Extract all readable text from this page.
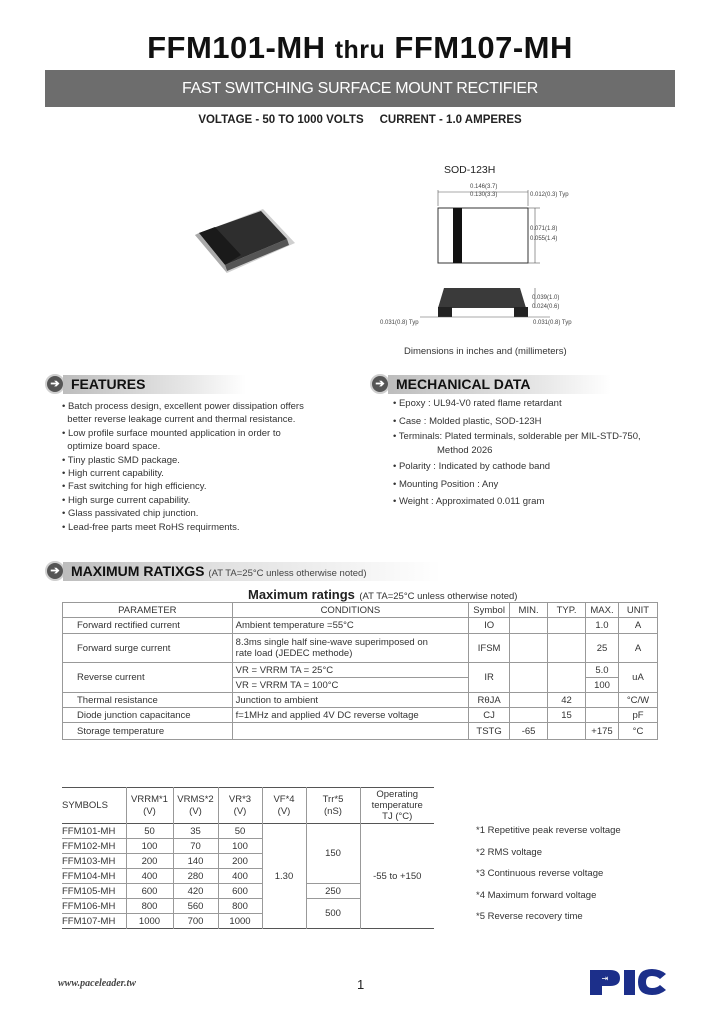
FFM101-MH thru FFM107-MH
FAST SWITCHING SURFACE MOUNT RECTIFIER
VOLTAGE - 50 TO 1000 VOLTS CURRENT - 1.0 AMPERES
SOD-123H
0.146(3.7)
0.130(3.3)	0.012(0.3) Typ
0.071(1.8)
0.055(1.4)
0.039(1.0)
0.024(0.6)
0.031(0.8) Typ	0.031(0.8) Typ
Dimensions in inches and (millimeters)
➔ FEATURES
• Batch process design, excellent power dissipation offers
better reverse leakage current and thermal resistance.
• Low profile surface mounted application in order to
optimize board space.
• Tiny plastic SMD package.
• High current capability.
• Fast switching for high efficiency.
• High surge current capability.
• Glass passivated chip junction.
• Lead-free parts meet RoHS requirments.
➔ MECHANICAL DATA
• Epoxy : UL94-V0 rated flame retardant
• Case : Molded plastic, SOD-123H
• Terminals: Plated terminals, solderable per MIL-STD-750,
Method 2026
• Polarity : Indicated by cathode band
• Mounting Position : Any
• Weight : Approximated 0.011 gram
➔ MAXIMUM RATIXGS (AT TA=25°C unless otherwise noted)
Maximum ratings (AT TA=25°C unless otherwise noted)
PARAMETER	CONDITIONS	Symbol	MIN.	TYP.	MAX.	UNIT
Forward rectified current	Ambient temperature =55°C	IO			1.0	A
Forward surge current	8.3ms single half sine-wave superimposed on
rate load (JEDEC methode)	IFSM			25	A
Reverse current	VR = VRRM TA = 25°C	IR			5.0	uA
	VR = VRRM TA = 100°C				100	
Thermal resistance	Junction to ambient	RθJA		42		°C/W
Diode junction capacitance	f=1MHz and applied 4V DC reverse voltage	CJ		15		pF
Storage temperature		TSTG	-65		+175	°C
SYMBOLS	VRRM*1
(V)	VRMS*2
(V)	VR*3
(V)	VF*4
(V)	Trr*5
(nS)	Operating
temperature
TJ (°C)
FFM101-MH	50	35	50	1.30	150	-55 to +150
FFM102-MH	100	70	100			
FFM103-MH	200	140	200			
FFM104-MH	400	280	400			
FFM105-MH	600	420	600		250	
FFM106-MH	800	560	800		500	
FFM107-MH	1000	700	1000			
*1 Repetitive peak reverse voltage
*2 RMS voltage
*3 Continuous reverse voltage
*4 Maximum forward voltage
*5 Reverse recovery time
www.paceleader.tw	1	⇥
